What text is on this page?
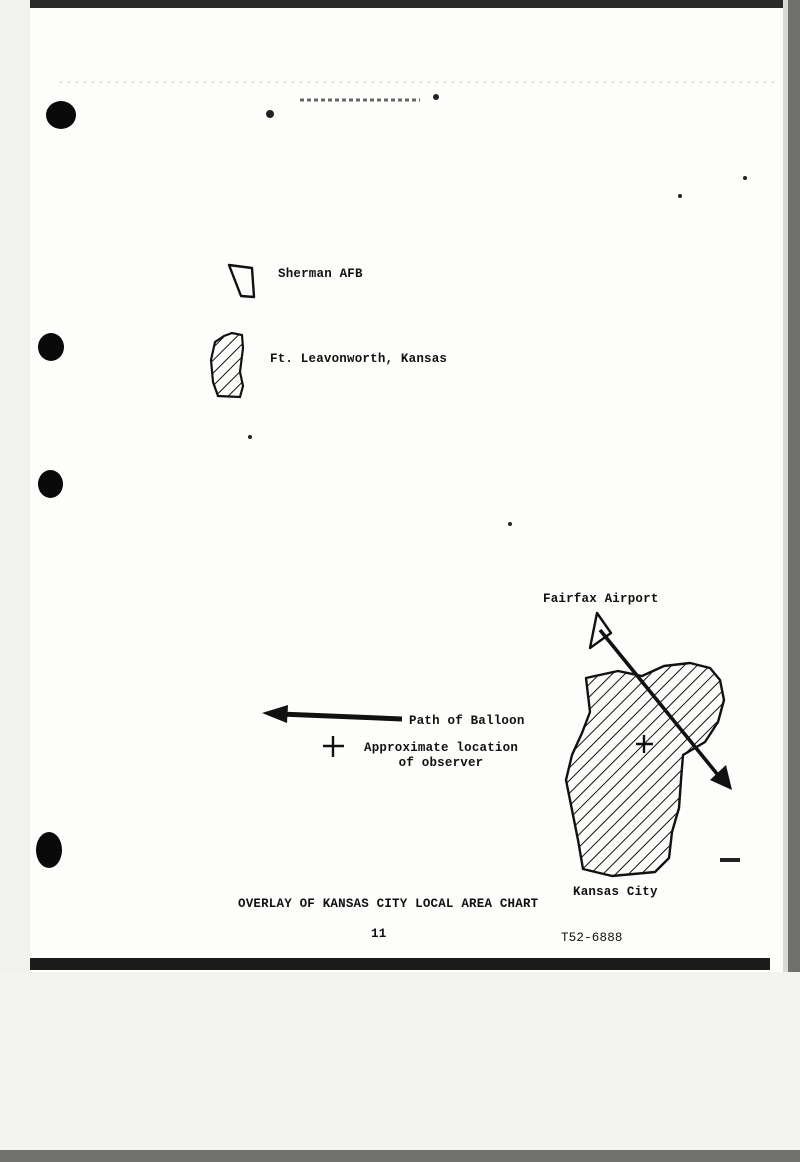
Sherman AFB

Ft. Leavonworth, Kansas

Fairfax Airport

Kansas City

Path of Balloon

Approximate location
of observer

OVERLAY OF KANSAS CITY LOCAL AREA CHART

11	T52-6888
